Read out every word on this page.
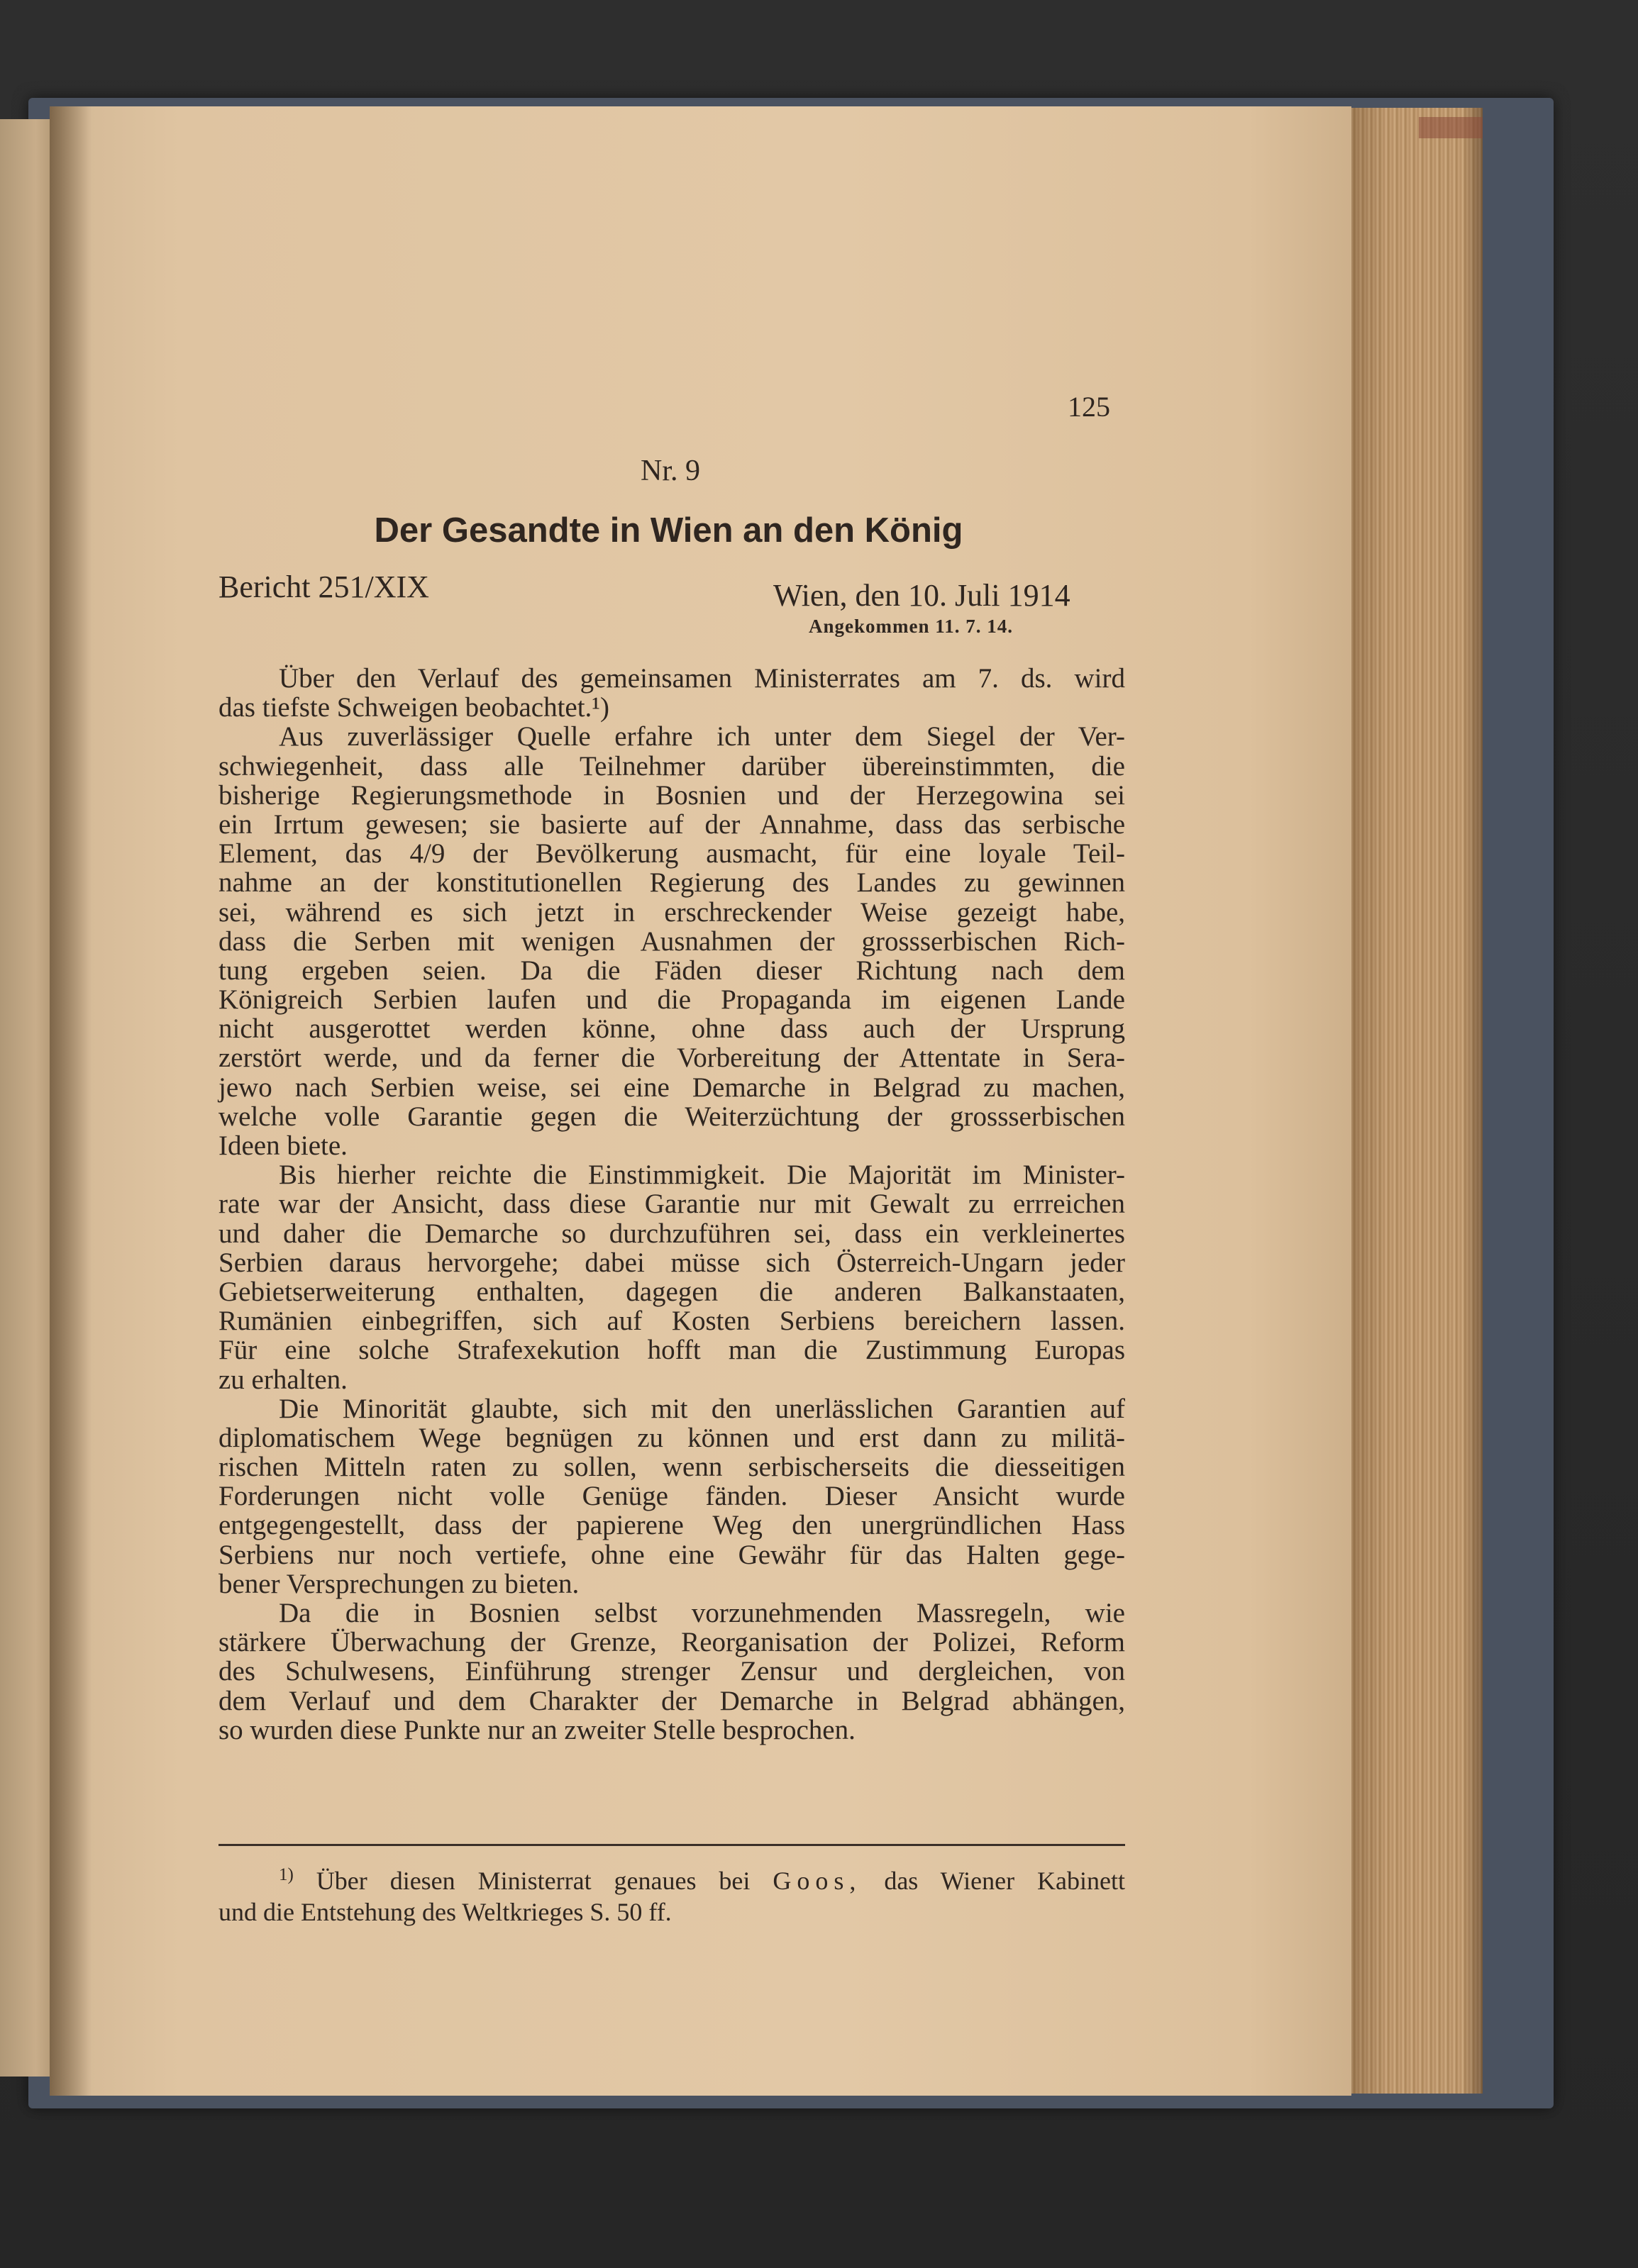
125
Nr. 9
Der Gesandte in Wien an den König
Bericht 251/XIX	Wien, den 10. Juli 1914
Angekommen 11. 7. 14.
Über den Verlauf des gemeinsamen Ministerrates am 7. ds. wird
das tiefste Schweigen beobachtet.¹)
Aus zuverlässiger Quelle erfahre ich unter dem Siegel der Ver-
schwiegenheit, dass alle Teilnehmer darüber übereinstimmten, die
bisherige Regierungsmethode in Bosnien und der Herzegowina sei
ein Irrtum gewesen; sie basierte auf der Annahme, dass das serbische
Element, das 4/9 der Bevölkerung ausmacht, für eine loyale Teil-
nahme an der konstitutionellen Regierung des Landes zu gewinnen
sei, während es sich jetzt in erschreckender Weise gezeigt habe,
dass die Serben mit wenigen Ausnahmen der grossserbischen Rich-
tung ergeben seien. Da die Fäden dieser Richtung nach dem
Königreich Serbien laufen und die Propaganda im eigenen Lande
nicht ausgerottet werden könne, ohne dass auch der Ursprung
zerstört werde, und da ferner die Vorbereitung der Attentate in Sera-
jewo nach Serbien weise, sei eine Demarche in Belgrad zu machen,
welche volle Garantie gegen die Weiterzüchtung der grossserbischen
Ideen biete.
Bis hierher reichte die Einstimmigkeit. Die Majorität im Minister-
rate war der Ansicht, dass diese Garantie nur mit Gewalt zu errreichen
und daher die Demarche so durchzuführen sei, dass ein verkleinertes
Serbien daraus hervorgehe; dabei müsse sich Österreich-Ungarn jeder
Gebietserweiterung enthalten, dagegen die anderen Balkanstaaten,
Rumänien einbegriffen, sich auf Kosten Serbiens bereichern lassen.
Für eine solche Strafexekution hofft man die Zustimmung Europas
zu erhalten.
Die Minorität glaubte, sich mit den unerlässlichen Garantien auf
diplomatischem Wege begnügen zu können und erst dann zu militä-
rischen Mitteln raten zu sollen, wenn serbischerseits die diesseitigen
Forderungen nicht volle Genüge fänden. Dieser Ansicht wurde
entgegengestellt, dass der papierene Weg den unergründlichen Hass
Serbiens nur noch vertiefe, ohne eine Gewähr für das Halten gege-
bener Versprechungen zu bieten.
Da die in Bosnien selbst vorzunehmenden Massregeln, wie
stärkere Überwachung der Grenze, Reorganisation der Polizei, Reform
des Schulwesens, Einführung strenger Zensur und dergleichen, von
dem Verlauf und dem Charakter der Demarche in Belgrad abhängen,
so wurden diese Punkte nur an zweiter Stelle besprochen.
$^{1)}$ Über diesen Ministerrat genaues bei Goos, das Wiener Kabinett
und die Entstehung des Weltkrieges S. 50 ff.
